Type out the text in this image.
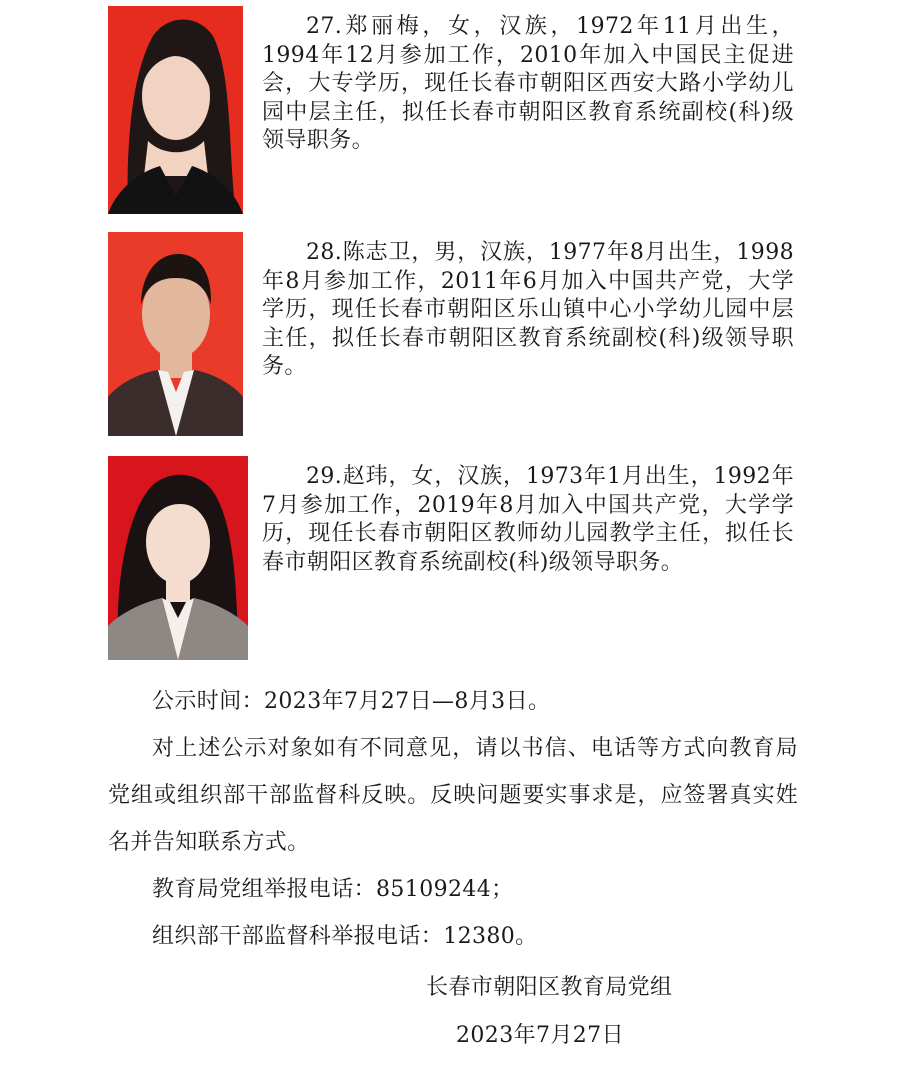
27.郑丽梅，女，汉族，1972年11月出生，1994年12月参加工作，2010年加入中国民主促进会，大专学历，现任长春市朝阳区西安大路小学幼儿园中层主任，拟任长春市朝阳区教育系统副校(科)级领导职务。

28.陈志卫，男，汉族，1977年8月出生，1998年8月参加工作，2011年6月加入中国共产党，大学学历，现任长春市朝阳区乐山镇中心小学幼儿园中层主任，拟任长春市朝阳区教育系统副校(科)级领导职务。

29.赵玮，女，汉族，1973年1月出生，1992年7月参加工作，2019年8月加入中国共产党，大学学历，现任长春市朝阳区教师幼儿园教学主任，拟任长春市朝阳区教育系统副校(科)级领导职务。

公示时间：2023年7月27日—8月3日。

对上述公示对象如有不同意见，请以书信、电话等方式向教育局党组或组织部干部监督科反映。反映问题要实事求是，应签署真实姓名并告知联系方式。

教育局党组举报电话：85109244；

组织部干部监督科举报电话：12380。

长春市朝阳区教育局党组
2023年7月27日
